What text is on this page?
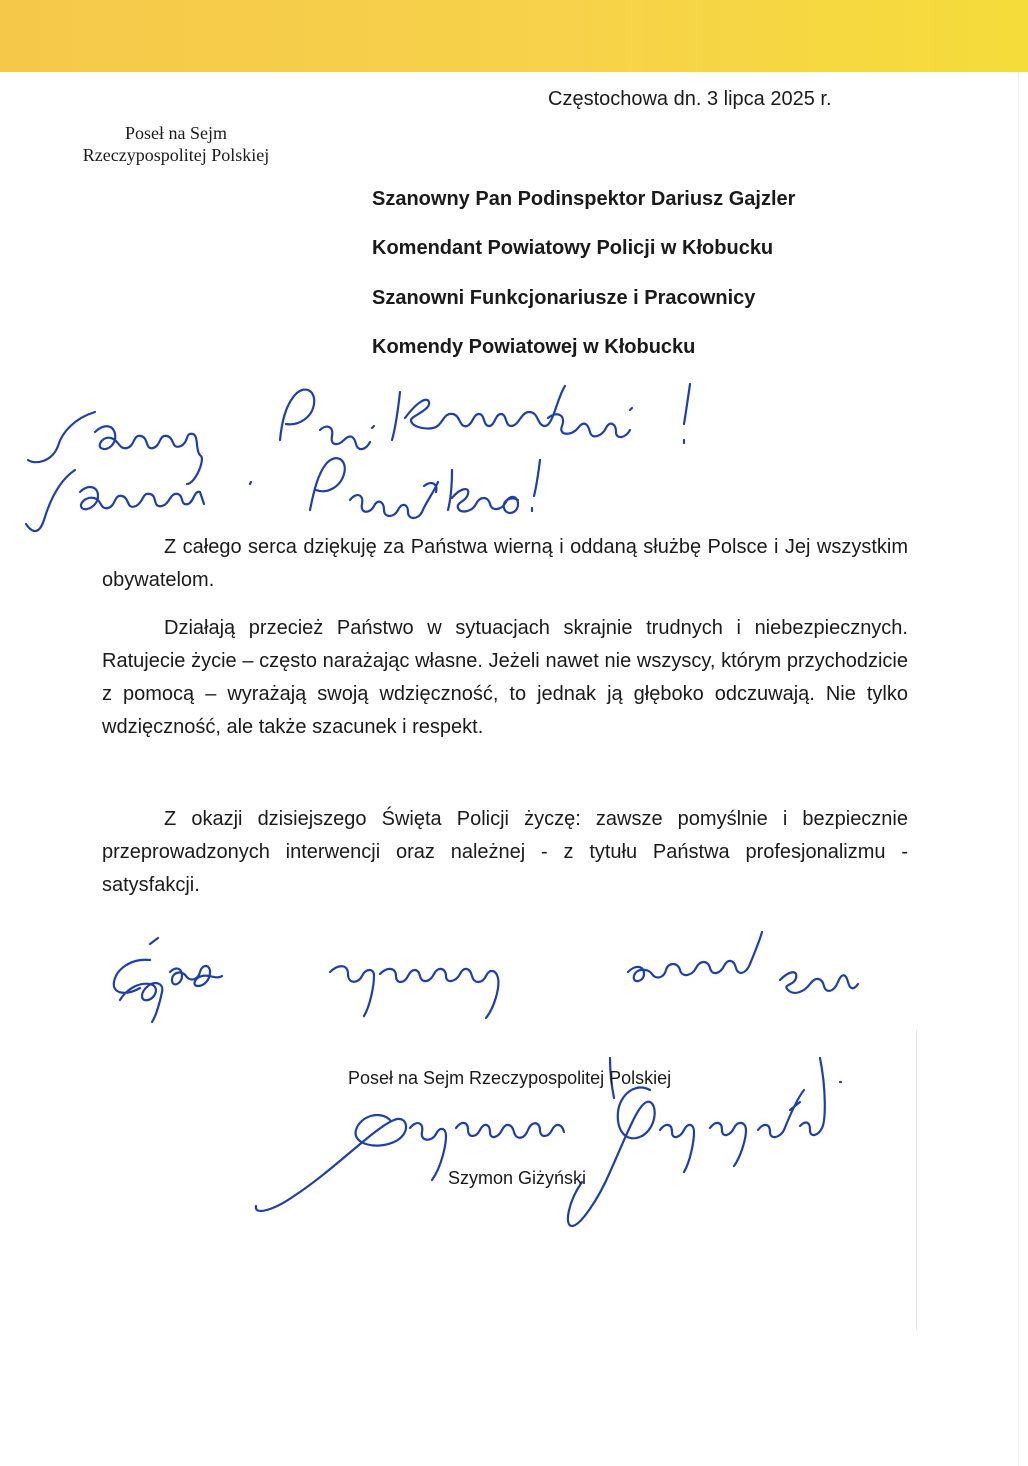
Częstochowa dn. 3 lipca 2025 r.
Poseł na Sejm
Rzeczypospolitej Polskiej
Szanowny Pan Podinspektor Dariusz Gajzler
Komendant Powiatowy Policji w Kłobucku
Szanowni Funkcjonariusze i Pracownicy
Komendy Powiatowej w Kłobucku
Z całego serca dziękuję za Państwa wierną i oddaną służbę Polsce i Jej wszystkim obywatelom.
Działają przecież Państwo w sytuacjach skrajnie trudnych i niebezpiecznych. Ratujecie życie – często narażając własne. Jeżeli nawet nie wszyscy, którym przychodzicie z pomocą – wyrażają swoją wdzięczność, to jednak ją głęboko odczuwają. Nie tylko wdzięczność, ale także szacunek i respekt.
Z okazji dzisiejszego Święta Policji życzę: zawsze pomyślnie i bezpiecznie przeprowadzonych interwencji oraz należnej - z tytułu Państwa profesjonalizmu - satysfakcji.
Poseł na Sejm Rzeczypospolitej Polskiej
Szymon Giżyński
